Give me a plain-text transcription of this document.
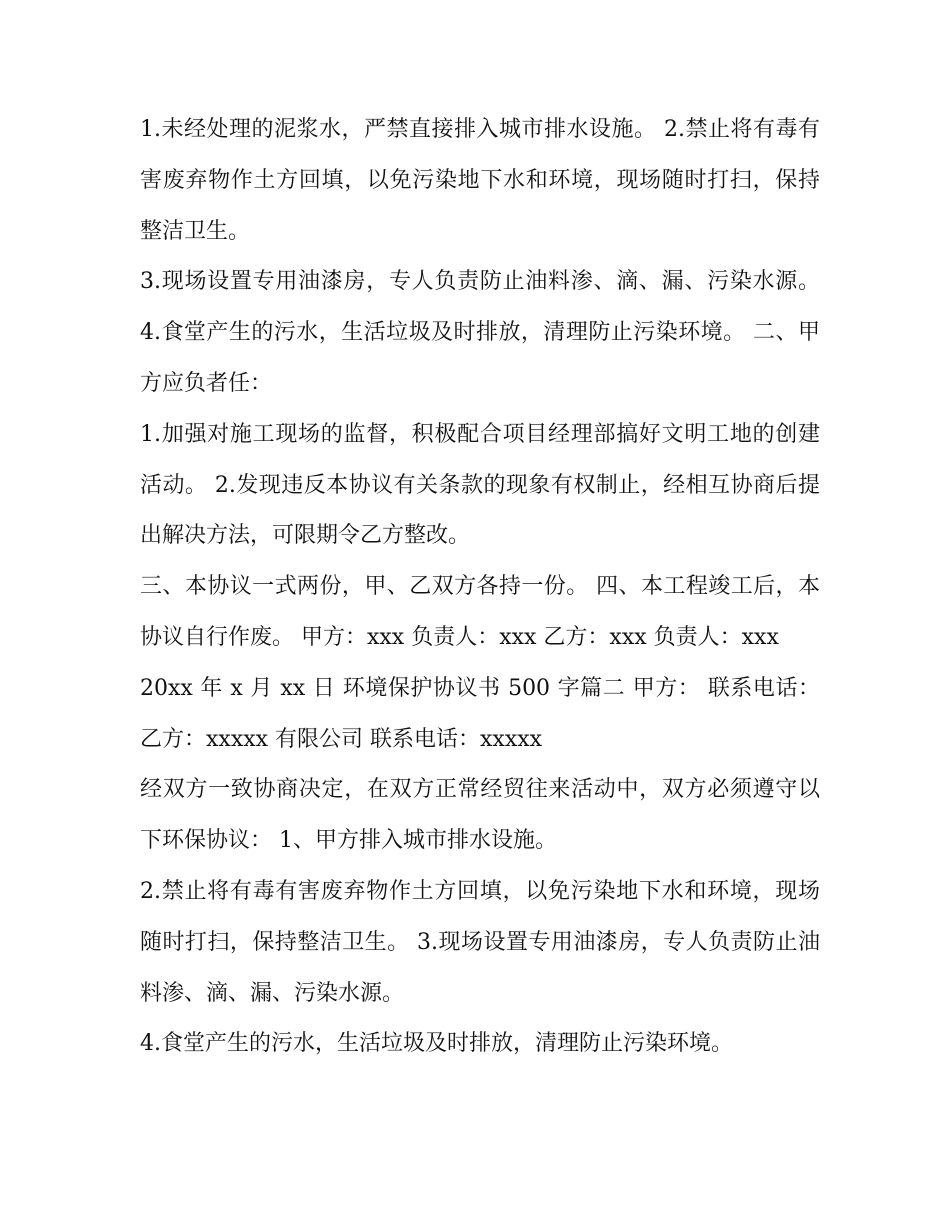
1.未经处理的泥浆水，严禁直接排入城市排水设施。 2.禁止将有毒有害废弃物作土方回填，以免污染地下水和环境，现场随时打扫，保持整洁卫生。

3.现场设置专用油漆房，专人负责防止油料渗、滴、漏、污染水源。 4.食堂产生的污水，生活垃圾及时排放，清理防止污染环境。 二、甲方应负者任：

1.加强对施工现场的监督，积极配合项目经理部搞好文明工地的创建活动。 2.发现违反本协议有关条款的现象有权制止，经相互协商后提出解决方法，可限期令乙方整改。

三、本协议一式两份，甲、乙双方各持一份。 四、本工程竣工后，本协议自行作废。 甲方：xxx 负责人：xxx 乙方：xxx 负责人：xxx

20xx 年 x 月 xx 日 环境保护协议书 500 字篇二 甲方： 联系电话： 乙方：xxxxx 有限公司 联系电话：xxxxx

经双方一致协商决定，在双方正常经贸往来活动中，双方必须遵守以下环保协议： 1、甲方排入城市排水设施。

2.禁止将有毒有害废弃物作土方回填，以免污染地下水和环境，现场随时打扫，保持整洁卫生。 3.现场设置专用油漆房，专人负责防止油料渗、滴、漏、污染水源。

4.食堂产生的污水，生活垃圾及时排放，清理防止污染环境。
